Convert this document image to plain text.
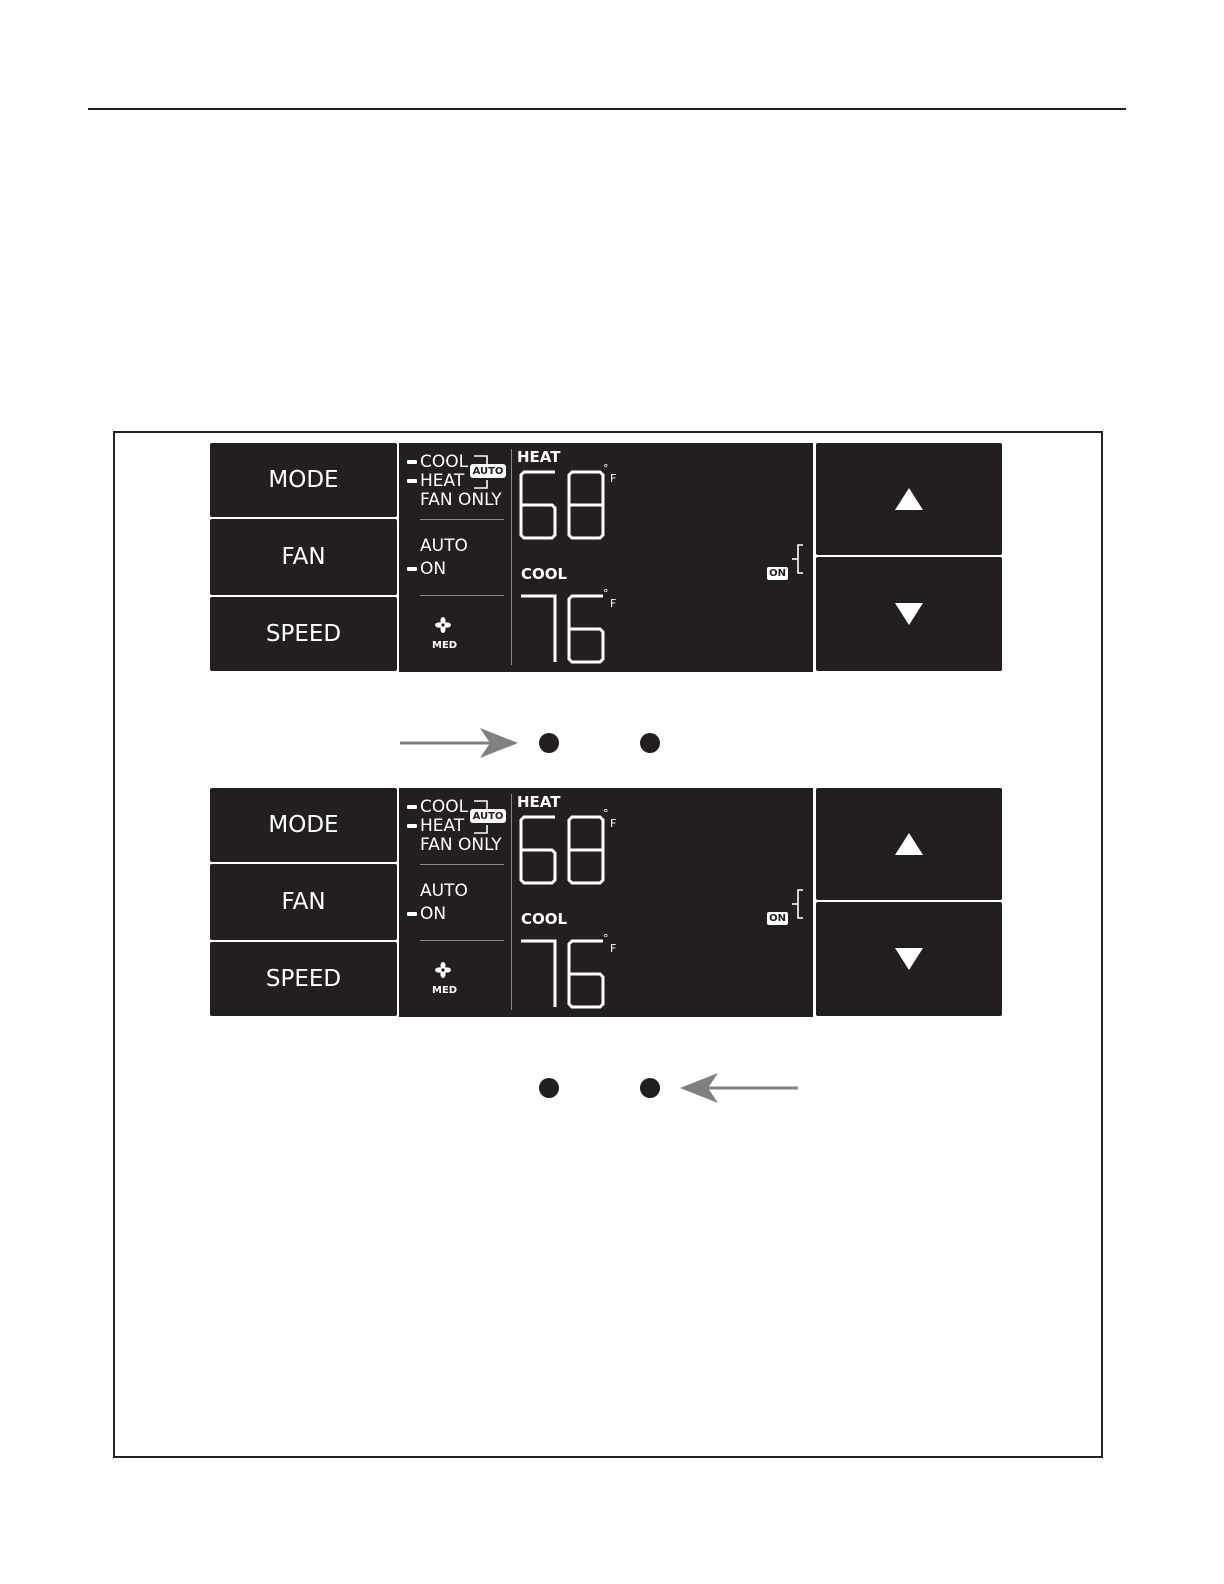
MODE
FAN
SPEED
COOL
HEAT AUTO
FAN ONLY
AUTO
ON
MED
HEAT
°
F
COOL
°
F
ON
MODE
FAN
SPEED
COOL
HEAT AUTO
FAN ONLY
AUTO
ON
MED
HEAT
°
F
COOL
°
F
ON
